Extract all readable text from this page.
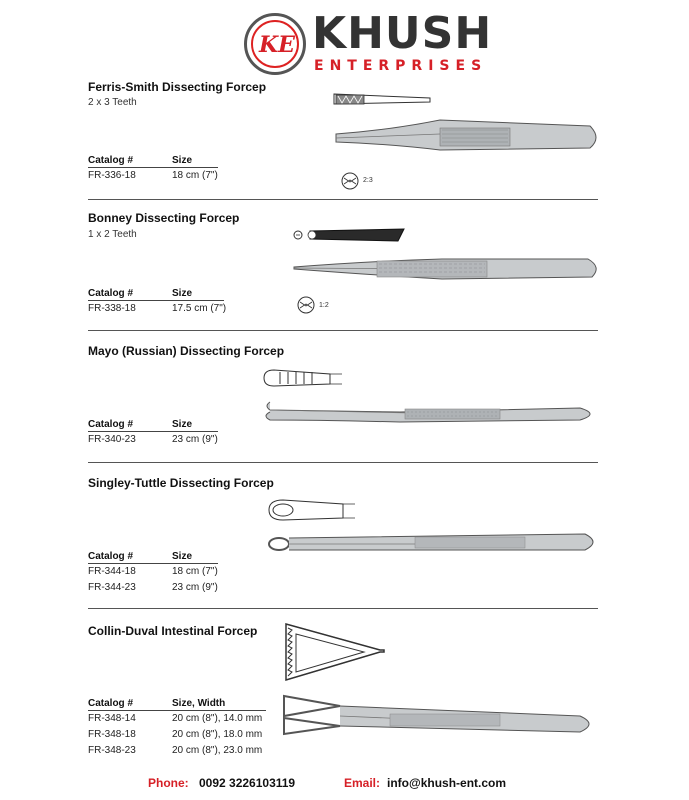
KE KHUSH
ENTERPRISES
Ferris-Smith Dissecting Forcep
2 x 3 Teeth
Catalog #	Size
FR-336-18	18 cm (7")	2:3
Bonney Dissecting Forcep
1 x 2 Teeth
Catalog #	Size
FR-338-18	17.5 cm (7")	1:2
Mayo (Russian) Dissecting Forcep
Catalog #	Size
FR-340-23	23 cm (9")
Singley-Tuttle Dissecting Forcep
Catalog #	Size
FR-344-18	18 cm (7")
FR-344-23	23 cm (9")
Collin-Duval Intestinal Forcep
Catalog #	Size, Width
FR-348-14	20 cm (8"), 14.0 mm
FR-348-18	20 cm (8"), 18.0 mm
FR-348-23	20 cm (8"), 23.0 mm
Phone: 0092 3226103119	Email: info@khush-ent.com
